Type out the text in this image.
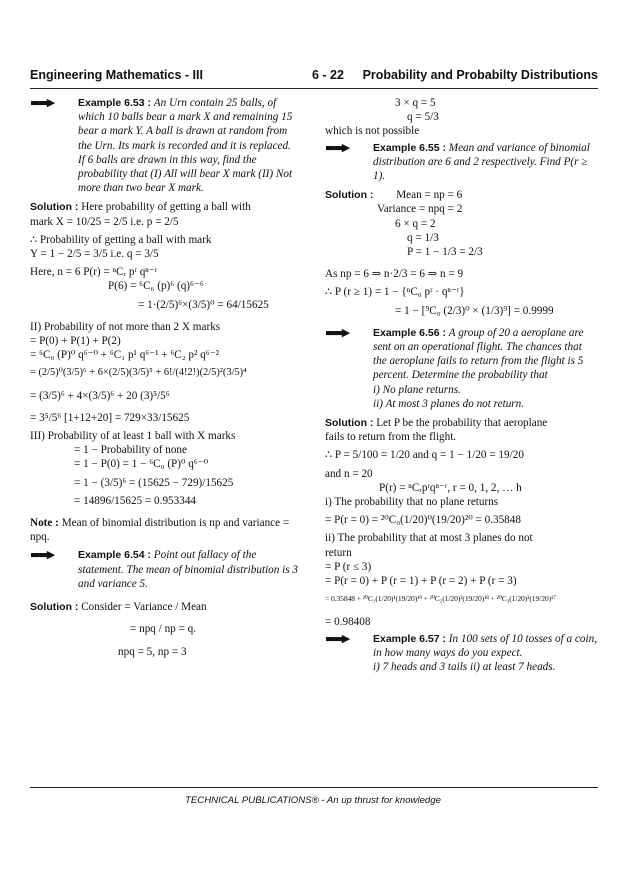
Engineering Mathematics - III	6 - 22 Probability and Probabilty Distributions
▬▬▶ Example 6.53 : An Urn contain 25 balls, of which 10 balls bear a mark X and remaining 15 bear a mark Y. A ball is drawn at random from the Urn. Its mark is recorded and it is replaced. If 6 balls are drawn in this way, find the probability that (I) All will bear X mark (II) Not more than two bear X mark.
Solution : Here probability of getting a ball with
mark X = 10/25 = 2/5 i.e. p = 2/5
∴ Probability of getting a ball with mark
Y = 1 − 2/5 = 3/5 i.e. q = 3/5
Here, n = 6 P(r) = ⁿCᵣ pʳ qⁿ⁻ʳ
P(6) = ⁶C₆ (p)⁶ (q)⁶⁻⁶
= 1·(2/5)⁶×(3/5)⁰ = 64/15625
II) Probability of not more than 2 X marks
= P(0) + P(1) + P(2)
= ⁶C₀ (P)⁰ q⁶⁻⁰ + ⁶C₁ p¹ q⁶⁻¹ + ⁶C₂ p² q⁶⁻²
= (2/5)⁰(3/5)⁶ + 6×(2/5)(3/5)⁵ + 6!/(4!2!)(2/5)²(3/5)⁴
= (3/5)⁶ + 4×(3/5)⁶ + 20 (3)⁵/5⁶
= 3⁵/5⁶ [1+12+20] = 729×33/15625
III) Probability of at least 1 ball with X marks
= 1 − Probability of none
= 1 − P(0) = 1 − ⁶C₀ (P)⁰ q⁶⁻⁰
= 1 − (3/5)⁶ = (15625 − 729)/15625
= 14896/15625 = 0.953344
Note : Mean of binomial distribution is np and variance = npq.
▬▬▶ Example 6.54 : Point out fallacy of the statement. The mean of binomial distribution is 3 and variance 5.
Solution : Consider = Variance / Mean
= npq / np = q.
npq = 5, np = 3
3 × q = 5
q = 5/3
which is not possible
▬▬▶ Example 6.55 : Mean and variance of binomial distribution are 6 and 2 respectively. Find P(r ≥ 1).
Solution : Mean = np = 6
Variance = npq = 2
6 × q = 2
q = 1/3
P = 1 − 1/3 = 2/3
As np = 6 ⇒ n·2/3 = 6 ⇒ n = 9
∴ P (r ≥ 1) = 1 − {ⁿC₀ pʳ · qⁿ⁻ʳ}
= 1 − [⁹C₀ (2/3)⁰ × (1/3)⁹] = 0.9999
▬▬▶ Example 6.56 : A group of 20 a aeroplane are sent on an operational flight. The chances that the aeroplane fails to return from the flight is 5 percent. Determine the probability that
i) No plane returns.
ii) At most 3 planes do not return.
Solution : Let P be the probability that aeroplane
fails to return from the flight.
∴ P = 5/100 = 1/20 and q = 1 − 1/20 = 19/20
and n = 20
P(r) = ⁿCᵣpʳqⁿ⁻ʳ, r = 0, 1, 2, … h
i) The probability that no plane returns
= P(r = 0) = ²⁰C₀(1/20)⁰(19/20)²⁰ = 0.35848
ii) The probability that at most 3 planes do not
return
= P (r ≤ 3)
= P(r = 0) + P (r = 1) + P (r = 2) + P (r = 3)
= 0.35848 + ²⁰C₁(1/20)¹(19/20)¹⁹ + ²⁰C₂(1/20)²(19/20)¹⁸ + ²⁰C₃(1/20)³(19/20)¹⁷
= 0.98408
▬▬▶ Example 6.57 : In 100 sets of 10 tosses of a coin, in how many ways do you expect.
i) 7 heads and 3 tails ii) at least 7 heads.
TECHNICAL PUBLICATIONS® - An up thrust for knowledge
